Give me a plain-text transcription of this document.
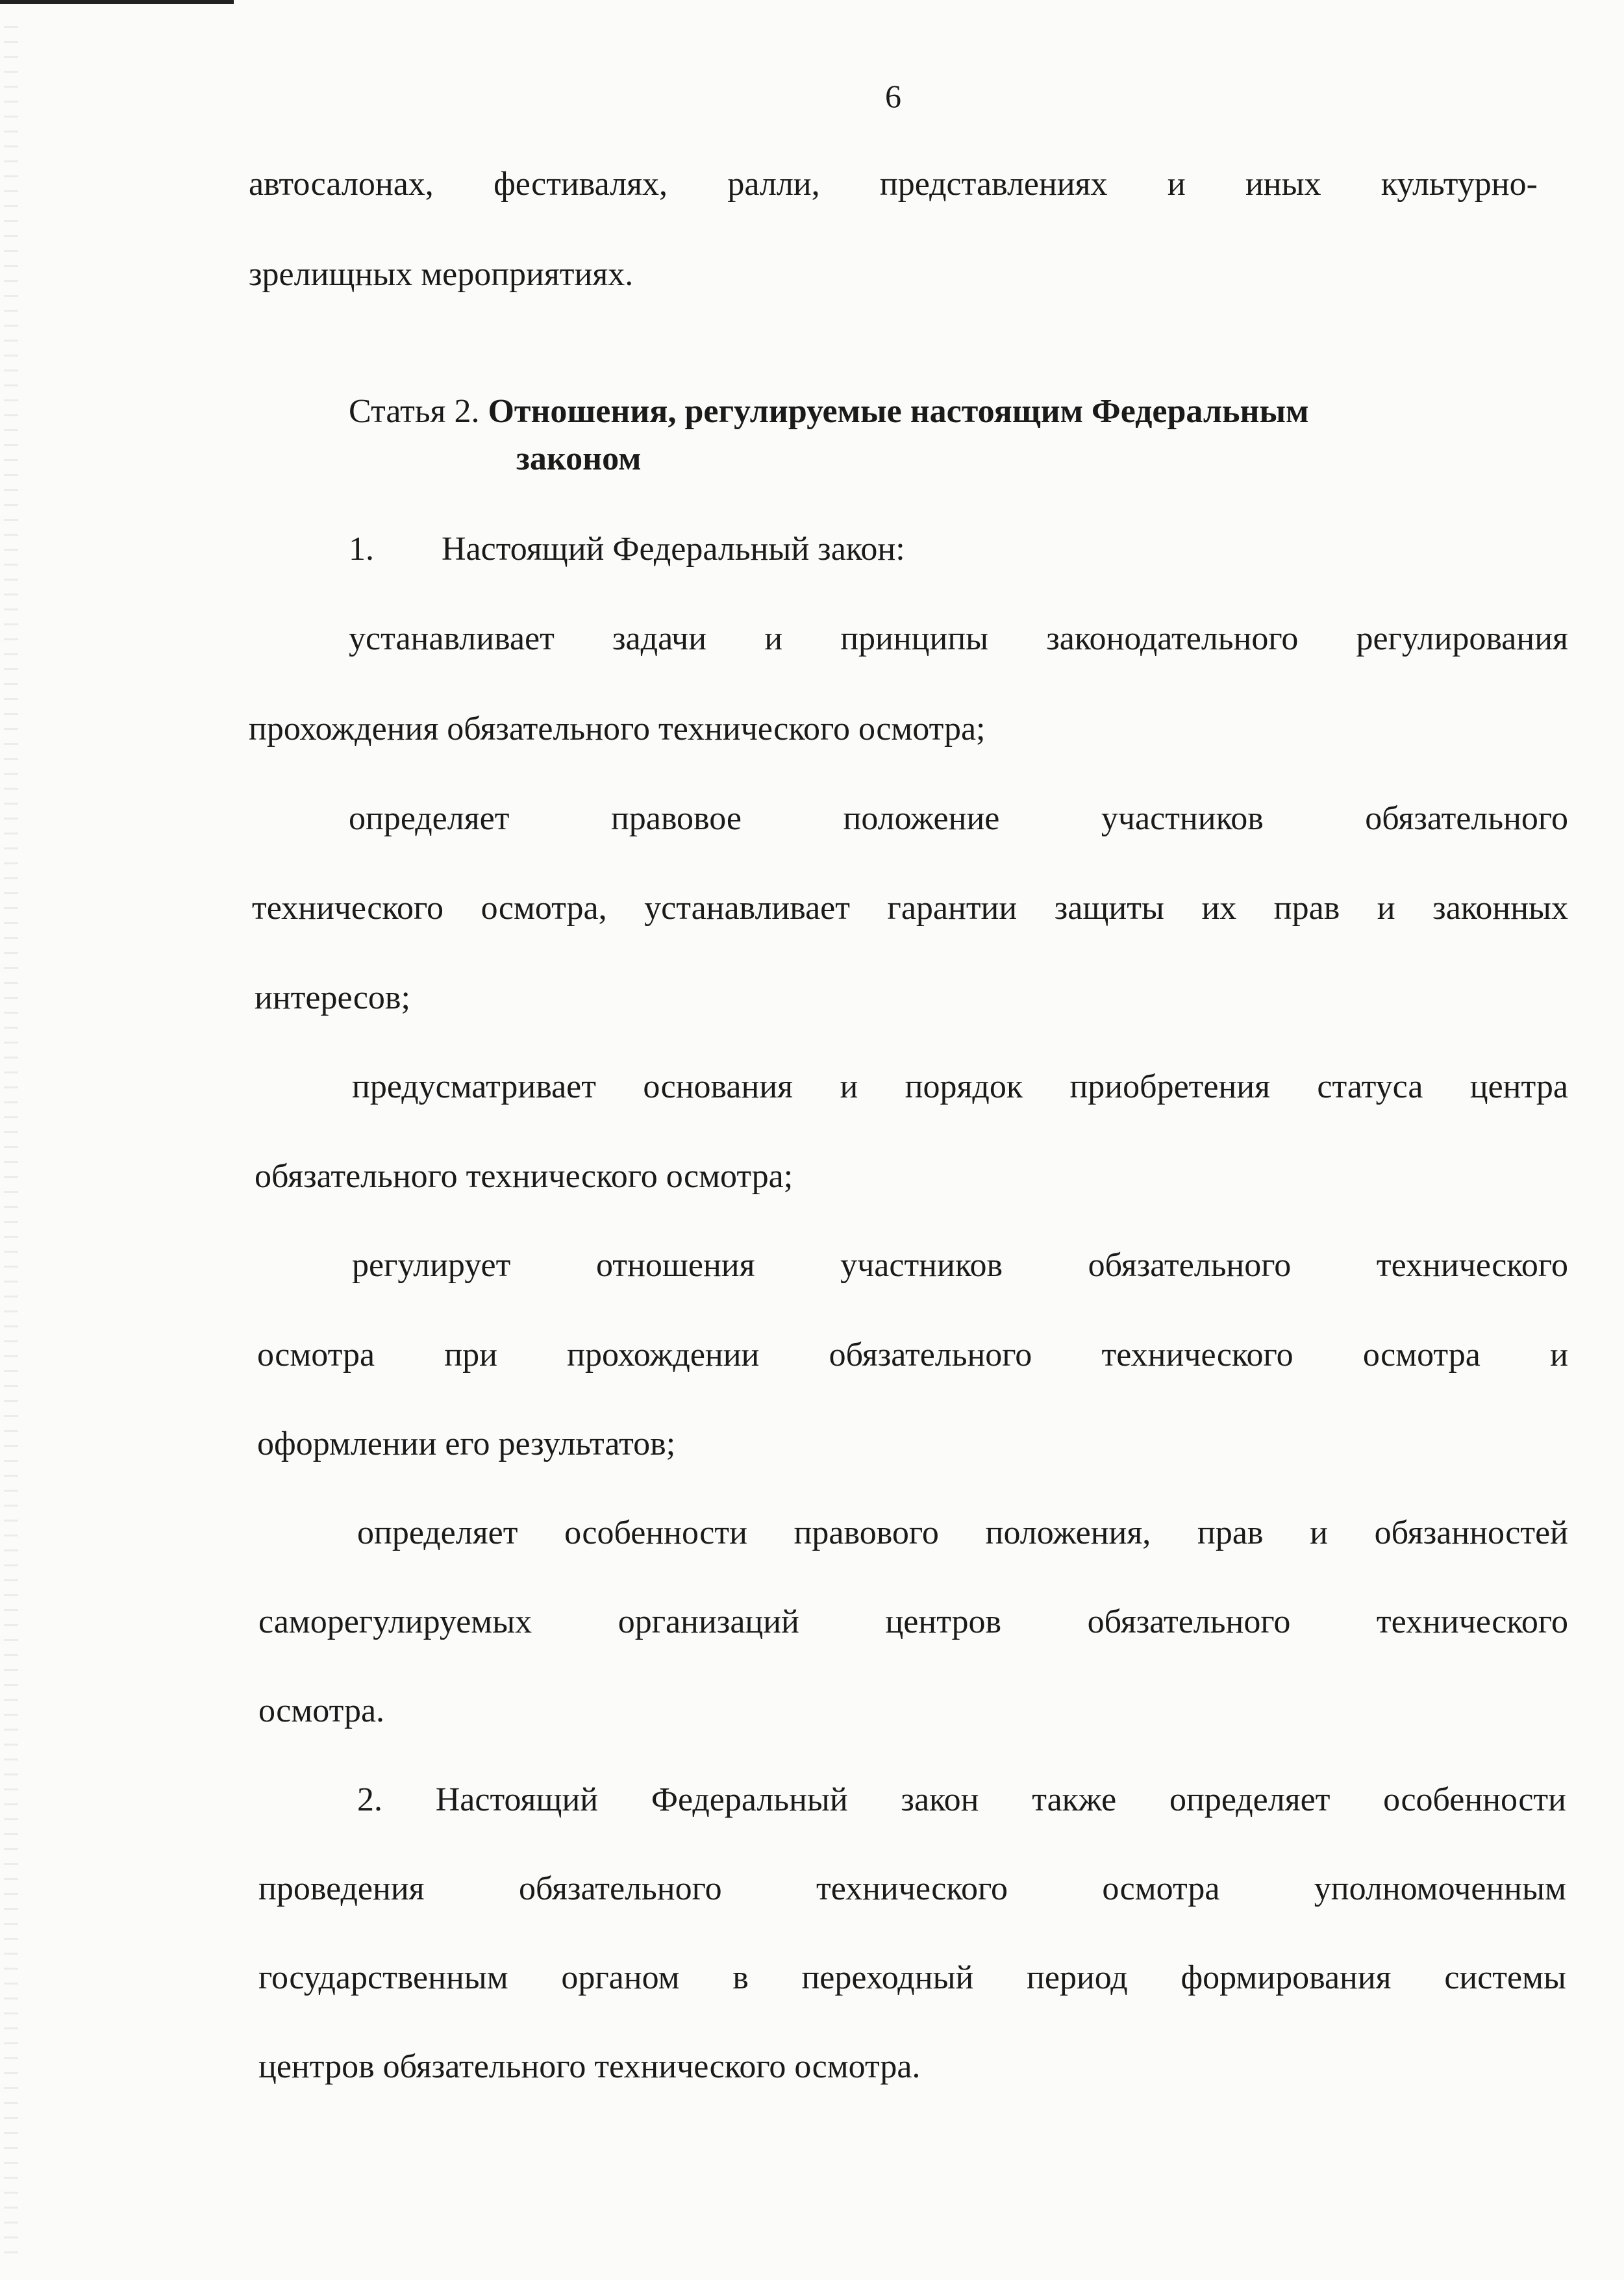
6
автосалонах, фестивалях, ралли, представлениях и иных культурно-
зрелищных мероприятиях.
Статья 2. Отношения, регулируемые настоящим Федеральным
законом
1.  Настоящий Федеральный закон:
устанавливает задачи и принципы законодательного регулирования
прохождения обязательного технического осмотра;
определяет	правовое	положение	участников	обязательного
технического осмотра, устанавливает гарантии защиты их прав и законных
интересов;
предусматривает основания и порядок приобретения статуса центра
обязательного технического осмотра;
регулирует	отношения	участников	обязательного	технического
осмотра при прохождении обязательного технического осмотра и
оформлении его результатов;
определяет особенности правового положения, прав и обязанностей
саморегулируемых	организаций	центров	обязательного	технического
осмотра.
2. Настоящий Федеральный закон также определяет особенности
проведения	обязательного	технического	осмотра	уполномоченным
государственным органом в переходный период формирования системы
центров обязательного технического осмотра.
